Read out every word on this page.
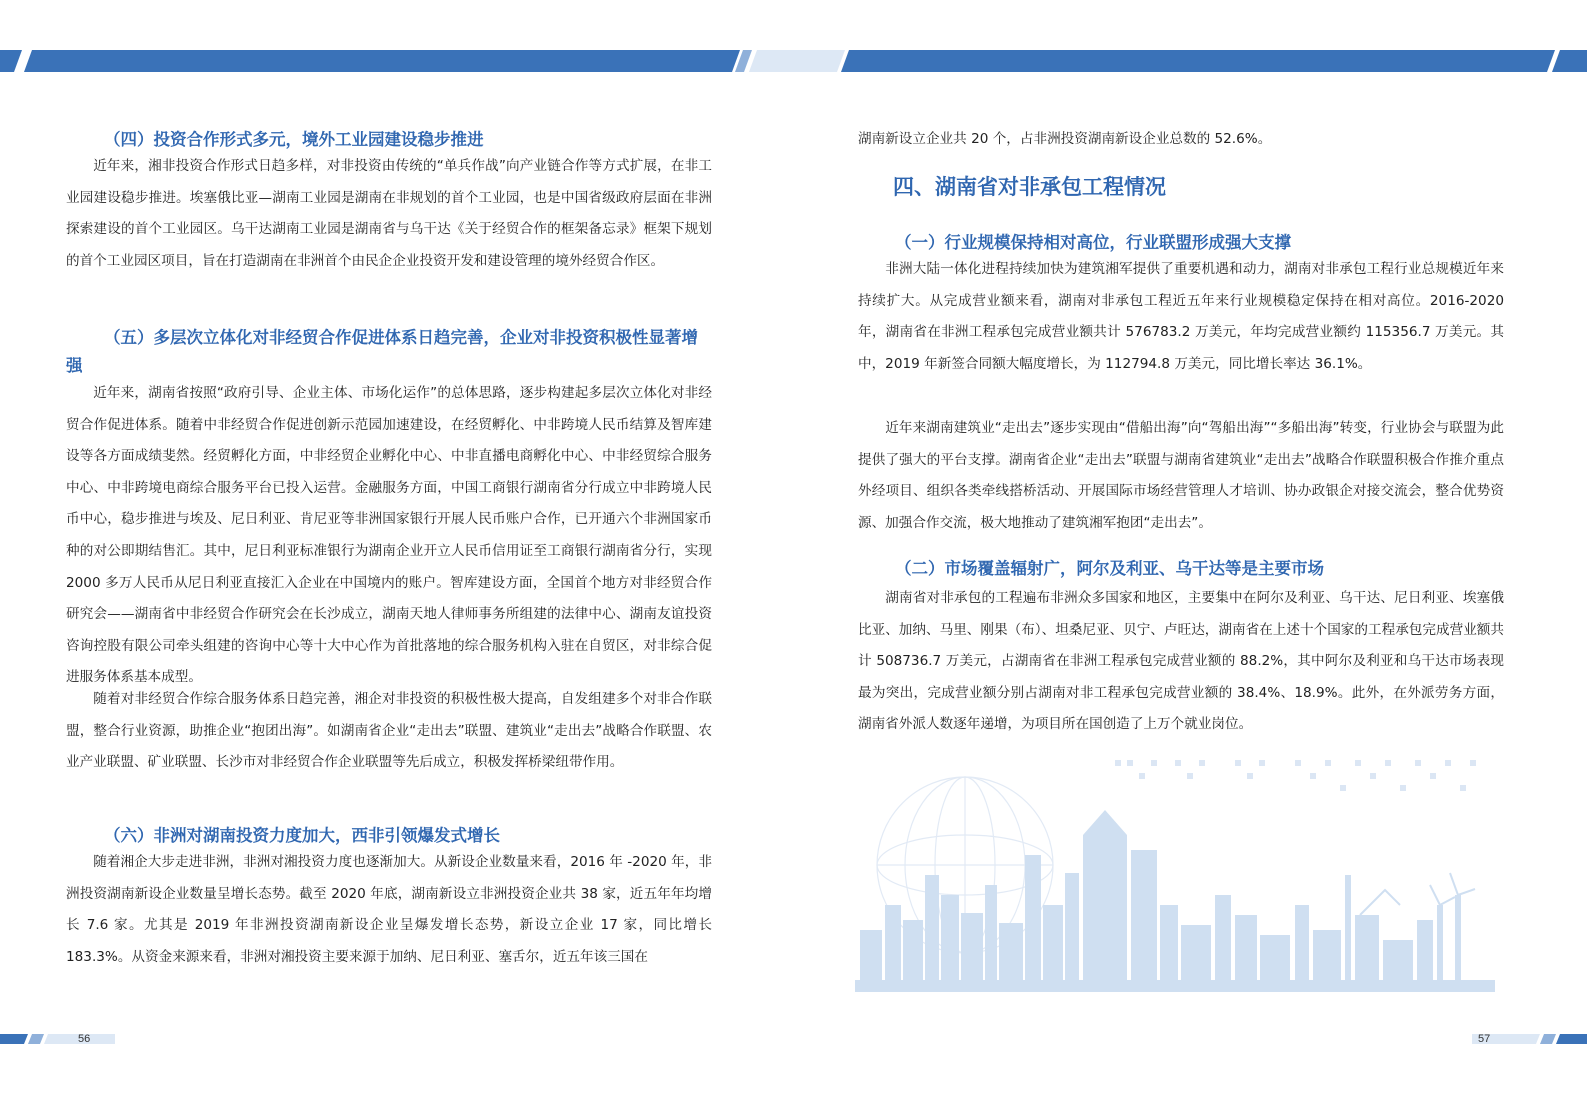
（四）投资合作形式多元，境外工业园建设稳步推进

近年来，湘非投资合作形式日趋多样，对非投资由传统的“单兵作战”向产业链合作等方式扩展，在非工业园建设稳步推进。埃塞俄比亚—湖南工业园是湖南在非规划的首个工业园，也是中国省级政府层面在非洲探索建设的首个工业园区。乌干达湖南工业园是湖南省与乌干达《关于经贸合作的框架备忘录》框架下规划的首个工业园区项目，旨在打造湖南在非洲首个由民企企业投资开发和建设管理的境外经贸合作区。

（五）多层次立体化对非经贸合作促进体系日趋完善，企业对非投资积极性显著增强

近年来，湖南省按照“政府引导、企业主体、市场化运作”的总体思路，逐步构建起多层次立体化对非经贸合作促进体系。随着中非经贸合作促进创新示范园加速建设，在经贸孵化、中非跨境人民币结算及智库建设等各方面成绩斐然。经贸孵化方面，中非经贸企业孵化中心、中非直播电商孵化中心、中非经贸综合服务中心、中非跨境电商综合服务平台已投入运营。金融服务方面，中国工商银行湖南省分行成立中非跨境人民币中心，稳步推进与埃及、尼日利亚、肯尼亚等非洲国家银行开展人民币账户合作，已开通六个非洲国家币种的对公即期结售汇。其中，尼日利亚标准银行为湖南企业开立人民币信用证至工商银行湖南省分行，实现 2000 多万人民币从尼日利亚直接汇入企业在中国境内的账户。智库建设方面，全国首个地方对非经贸合作研究会——湖南省中非经贸合作研究会在长沙成立，湖南天地人律师事务所组建的法律中心、湖南友谊投资咨询控股有限公司牵头组建的咨询中心等十大中心作为首批落地的综合服务机构入驻在自贸区，对非综合促进服务体系基本成型。

随着对非经贸合作综合服务体系日趋完善，湘企对非投资的积极性极大提高，自发组建多个对非合作联盟，整合行业资源，助推企业“抱团出海”。如湖南省企业“走出去”联盟、建筑业“走出去”战略合作联盟、农业产业联盟、矿业联盟、长沙市对非经贸合作企业联盟等先后成立，积极发挥桥梁纽带作用。

（六）非洲对湖南投资力度加大，西非引领爆发式增长

随着湘企大步走进非洲，非洲对湘投资力度也逐渐加大。从新设企业数量来看，2016 年 -2020 年，非洲投资湖南新设企业数量呈增长态势。截至 2020 年底，湖南新设立非洲投资企业共 38 家，近五年年均增长 7.6 家。尤其是 2019 年非洲投资湖南新设企业呈爆发增长态势，新设立企业 17 家，同比增长 183.3%。从资金来源来看，非洲对湘投资主要来源于加纳、尼日利亚、塞舌尔，近五年该三国在

56

湖南新设立企业共 20 个，占非洲投资湖南新设企业总数的 52.6%。

四、湖南省对非承包工程情况
（一）行业规模保持相对高位，行业联盟形成强大支撑

非洲大陆一体化进程持续加快为建筑湘军提供了重要机遇和动力，湖南对非承包工程行业总规模近年来持续扩大。从完成营业额来看，湖南对非承包工程近五年来行业规模稳定保持在相对高位。2016-2020 年，湖南省在非洲工程承包完成营业额共计 576783.2 万美元，年均完成营业额约 115356.7 万美元。其中，2019 年新签合同额大幅度增长，为 112794.8 万美元，同比增长率达 36.1%。

近年来湖南建筑业“走出去”逐步实现由“借船出海”向“驾船出海”“多船出海”转变，行业协会与联盟为此提供了强大的平台支撑。湖南省企业“走出去”联盟与湖南省建筑业“走出去”战略合作联盟积极合作推介重点外经项目、组织各类牵线搭桥活动、开展国际市场经营管理人才培训、协办政银企对接交流会，整合优势资源、加强合作交流，极大地推动了建筑湘军抱团“走出去”。

（二）市场覆盖辐射广，阿尔及利亚、乌干达等是主要市场

湖南省对非承包的工程遍布非洲众多国家和地区，主要集中在阿尔及利亚、乌干达、尼日利亚、埃塞俄比亚、加纳、马里、刚果（布）、坦桑尼亚、贝宁、卢旺达，湖南省在上述十个国家的工程承包完成营业额共计 508736.7 万美元，占湖南省在非洲工程承包完成营业额的 88.2%，其中阿尔及利亚和乌干达市场表现最为突出，完成营业额分别占湖南对非工程承包完成营业额的 38.4%、18.9%。此外，在外派劳务方面，湖南省外派人数逐年递增，为项目所在国创造了上万个就业岗位。

57
